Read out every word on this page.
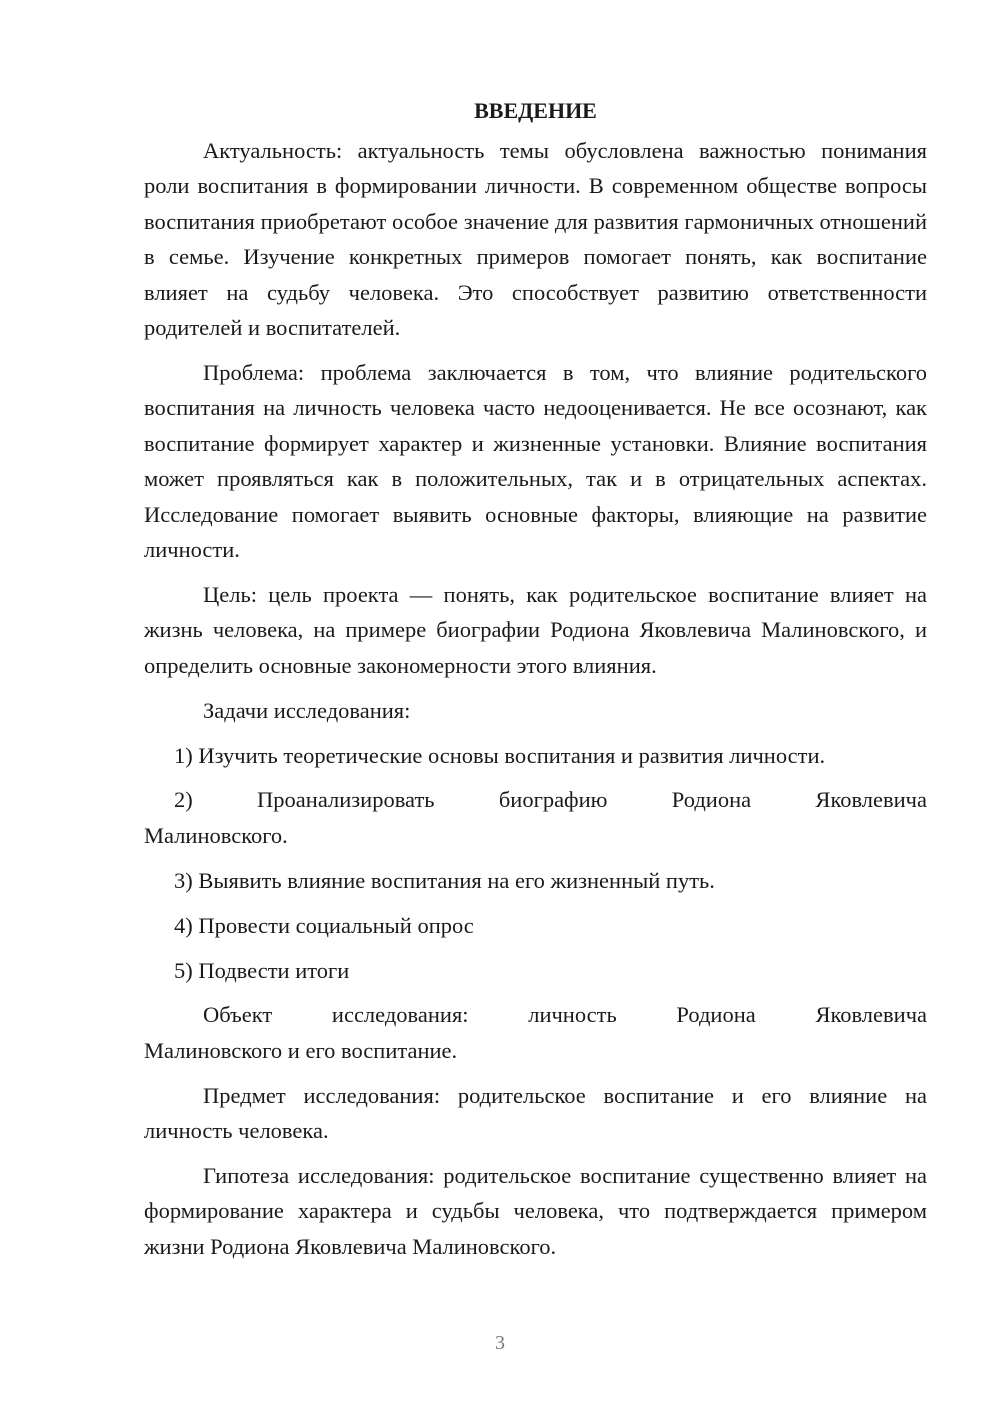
ВВЕДЕНИЕ

Актуальность: актуальность темы обусловлена важностью понимания роли воспитания в формировании личности. В современном обществе вопросы воспитания приобретают особое значение для развития гармоничных отношений в семье. Изучение конкретных примеров помогает понять, как воспитание влияет на судьбу человека. Это способствует развитию ответственности родителей и воспитателей.

Проблема: проблема заключается в том, что влияние родительского воспитания на личность человека часто недооценивается. Не все осознают, как воспитание формирует характер и жизненные установки. Влияние воспитания может проявляться как в положительных, так и в отрицательных аспектах. Исследование помогает выявить основные факторы, влияющие на развитие личности.

Цель: цель проекта — понять, как родительское воспитание влияет на жизнь человека, на примере биографии Родиона Яковлевича Малиновского, и определить основные закономерности этого влияния.

Задачи исследования:

1) Изучить теоретические основы воспитания и развития личности.

2) Проанализировать биографию Родиона Яковлевича

Малиновского.

3) Выявить влияние воспитания на его жизненный путь.

4) Провести социальный опрос

5) Подвести итоги

Объект исследования: личность Родиона Яковлевича

Малиновского и его воспитание.

Предмет исследования: родительское воспитание и его влияние на личность человека.

Гипотеза исследования: родительское воспитание существенно влияет на формирование характера и судьбы человека, что подтверждается примером жизни Родиона Яковлевича Малиновского.

3
